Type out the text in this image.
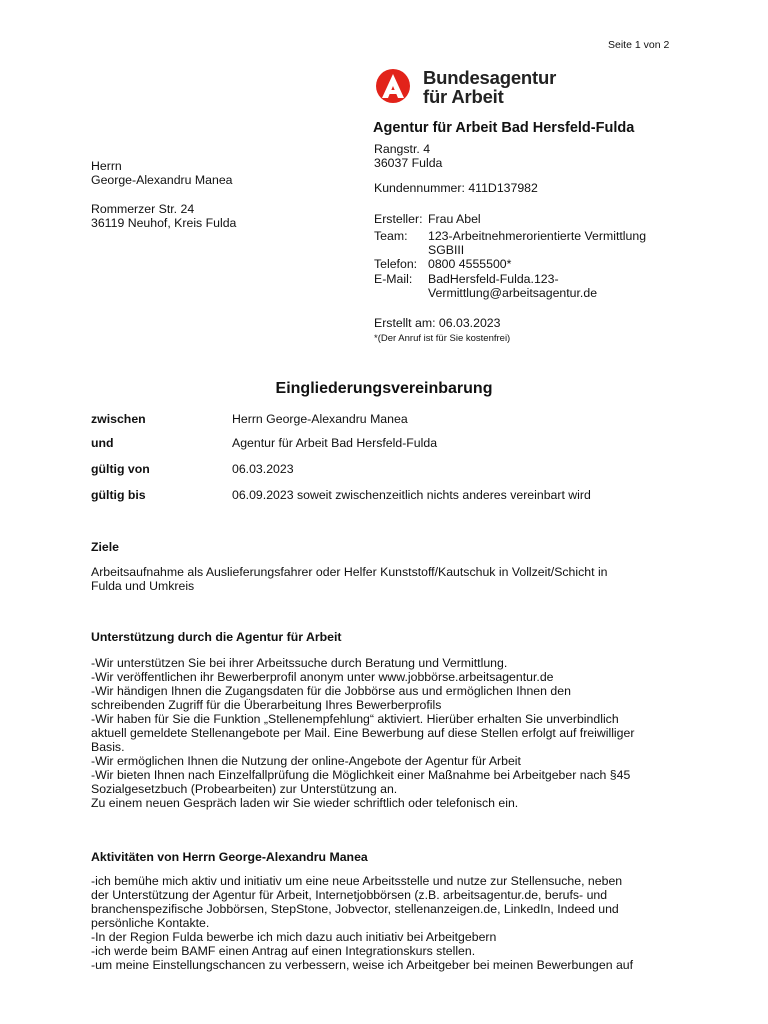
Seite 1 von 2
Bundesagentur
für Arbeit
Agentur für Arbeit Bad Hersfeld-Fulda
Rangstr. 4
36037 Fulda
Kundennummer: 411D137982
Ersteller: Frau Abel
Team:	123-Arbeitnehmerorientierte Vermittlung
SGBIII
Telefon: 0800 4555500*
E-Mail:	BadHersfeld-Fulda.123-
Vermittlung@arbeitsagentur.de
Erstellt am: 06.03.2023
*(Der Anruf ist für Sie kostenfrei)
Herrn
George-Alexandru Manea
Rommerzer Str. 24
36119 Neuhof, Kreis Fulda
Eingliederungsvereinbarung
zwischen	Herrn George-Alexandru Manea
und	Agentur für Arbeit Bad Hersfeld-Fulda
gültig von	06.03.2023
gültig bis	06.09.2023 soweit zwischenzeitlich nichts anderes vereinbart wird
Ziele
Arbeitsaufnahme als Auslieferungsfahrer oder Helfer Kunststoff/Kautschuk in Vollzeit/Schicht in
Fulda und Umkreis
Unterstützung durch die Agentur für Arbeit
-Wir unterstützen Sie bei ihrer Arbeitssuche durch Beratung und Vermittlung.
-Wir veröffentlichen ihr Bewerberprofil anonym unter www.jobbörse.arbeitsagentur.de
-Wir händigen Ihnen die Zugangsdaten für die Jobbörse aus und ermöglichen Ihnen den
schreibenden Zugriff für die Überarbeitung Ihres Bewerberprofils
-Wir haben für Sie die Funktion „Stellenempfehlung“ aktiviert. Hierüber erhalten Sie unverbindlich
aktuell gemeldete Stellenangebote per Mail. Eine Bewerbung auf diese Stellen erfolgt auf freiwilliger
Basis.
-Wir ermöglichen Ihnen die Nutzung der online-Angebote der Agentur für Arbeit
-Wir bieten Ihnen nach Einzelfallprüfung die Möglichkeit einer Maßnahme bei Arbeitgeber nach §45
Sozialgesetzbuch (Probearbeiten) zur Unterstützung an.
Zu einem neuen Gespräch laden wir Sie wieder schriftlich oder telefonisch ein.
Aktivitäten von Herrn George-Alexandru Manea
-ich bemühe mich aktiv und initiativ um eine neue Arbeitsstelle und nutze zur Stellensuche, neben
der Unterstützung der Agentur für Arbeit, Internetjobbörsen (z.B. arbeitsagentur.de, berufs- und
branchenspezifische Jobbörsen, StepStone, Jobvector, stellenanzeigen.de, LinkedIn, Indeed und
persönliche Kontakte.
-In der Region Fulda bewerbe ich mich dazu auch initiativ bei Arbeitgebern
-ich werde beim BAMF einen Antrag auf einen Integrationskurs stellen.
-um meine Einstellungschancen zu verbessern, weise ich Arbeitgeber bei meinen Bewerbungen auf
